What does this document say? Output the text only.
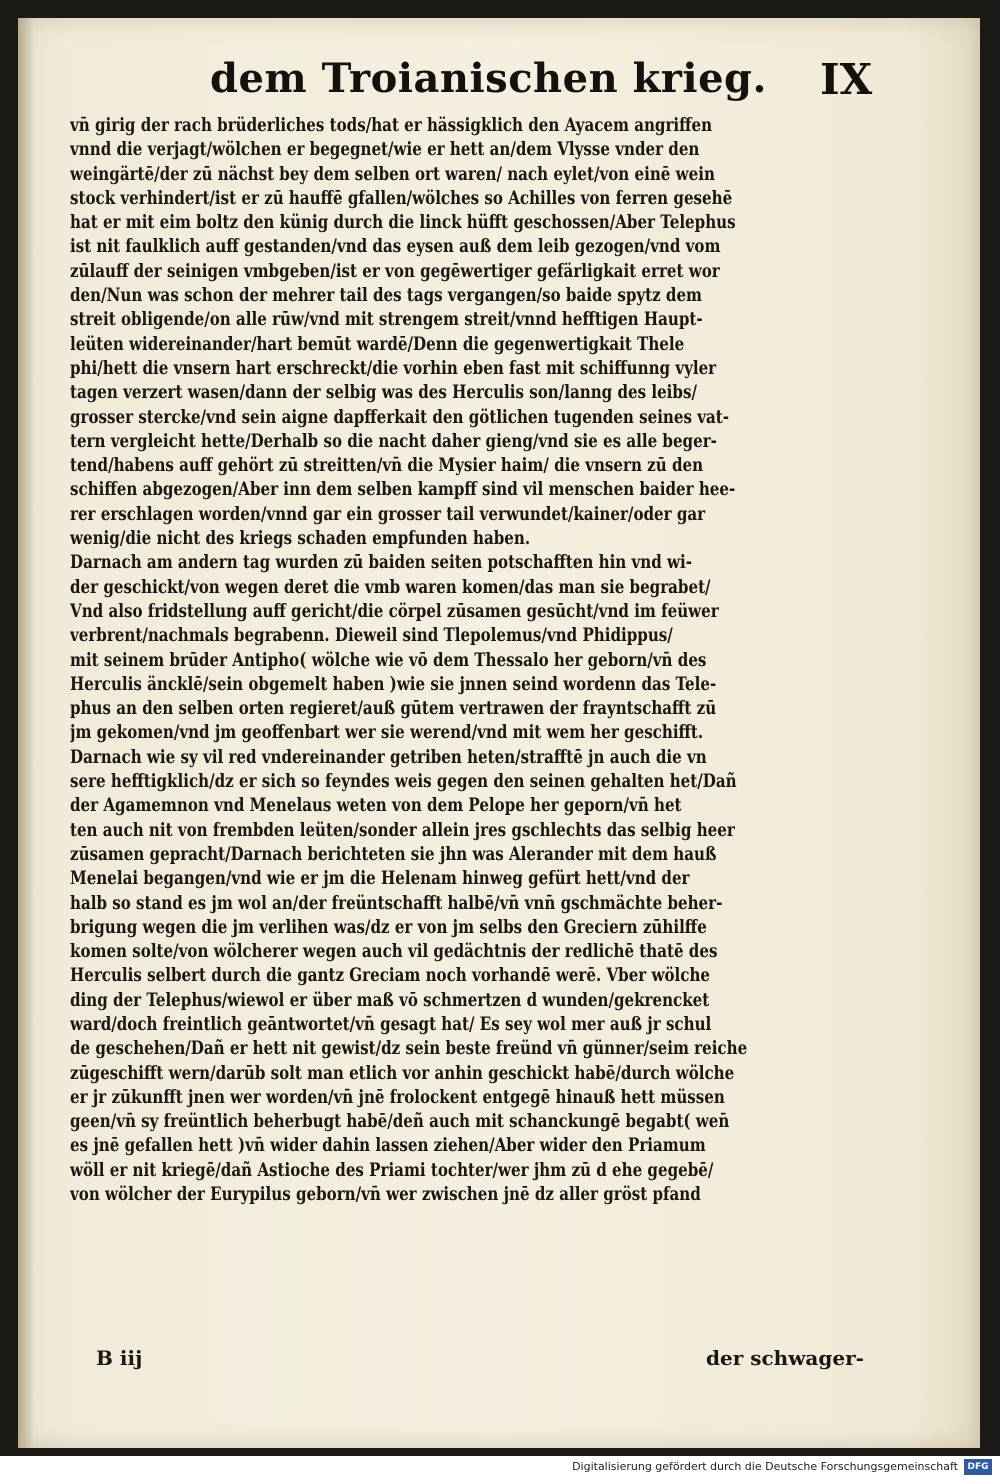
dem Troianischen krieg. IX
vn̄ girig der rach brüderliches tods/hat er hässigklich den Ayacem angriffen
vnnd die verjagt/wölchen er begegnet/wie er hett an/dem Vlysse vnder den
weingärtē/der zū nächst bey dem selben ort waren/ nach eylet/von einē wein
stock verhindert/ist er zū hauffē gfallen/wölches so Achilles von ferren gesehē
hat er mit eim boltz den künig durch die linck hüfft geschossen/Aber Telephus
ist nit faulklich auff gestanden/vnd das eysen auß dem leib gezogen/vnd vom
zūlauff der seinigen vmbgeben/ist er von gegēwertiger gefärligkait erret wor
den/Nun was schon der mehrer tail des tags vergangen/so baide spytz dem
streit obligende/on alle rūw/vnd mit strengem streit/vnnd hefftigen Haupt-
leüten widereinander/hart bemūt wardē/Denn die gegenwertigkait Thele
phi/hett die vnsern hart erschreckt/die vorhin eben fast mit schiffunng vyler
tagen verzert wasen/dann der selbig was des Herculis son/lanng des leibs/
grosser stercke/vnd sein aigne dapfferkait den götlichen tugenden seines vat-
tern vergleicht hette/Derhalb so die nacht daher gieng/vnd sie es alle beger-
tend/habens auff gehört zū streitten/vn̄ die Mysier haim/ die vnsern zū den
schiffen abgezogen/Aber inn dem selben kampff sind vil menschen baider hee-
rer erschlagen worden/vnnd gar ein grosser tail verwundet/kainer/oder gar
wenig/die nicht des kriegs schaden empfunden haben.
Darnach am andern tag wurden zū baiden seiten potschafften hin vnd wi-
der geschickt/von wegen deret die vmb waren komen/das man sie begrabet/
Vnd also fridstellung auff gericht/die cörpel zūsamen gesūcht/vnd im feüwer
verbrent/nachmals begrabenn. Dieweil sind Tlepolemus/vnd Phidippus/
mit seinem brūder Antipho( wölche wie vō dem Thessalo her geborn/vn̄ des
Herculis äncklē/sein obgemelt haben )wie sie jnnen seind wordenn das Tele-
phus an den selben orten regieret/auß gūtem vertrawen der frayntschafft zū
jm gekomen/vnd jm geoffenbart wer sie werend/vnd mit wem her geschifft.
Darnach wie sy vil red vndereinander getriben heten/strafftē jn auch die vn
sere hefftigklich/dz er sich so feyndes weis gegen den seinen gehalten het/Dañ
der Agamemnon vnd Menelaus weten von dem Pelope her geporn/vn̄ het
ten auch nit von frembden leüten/sonder allein jres gschlechts das selbig heer
zūsamen gepracht/Darnach berichteten sie jhn was Alerander mit dem hauß
Menelai begangen/vnd wie er jm die Helenam hinweg gefürt hett/vnd der
halb so stand es jm wol an/der freüntschafft halbē/vn̄ vnn̄ gschmächte beher-
brigung wegen die jm verlihen was/dz er von jm selbs den Greciern zūhilffe
komen solte/von wölcherer wegen auch vil gedächtnis der redlichē thatē des
Herculis selbert durch die gantz Greciam noch vorhandē werē. Vber wölche
ding der Telephus/wiewol er über maß vō schmertzen d wunden/gekrencket
ward/doch freintlich geāntwortet/vn̄ gesagt hat/ Es sey wol mer auß jr schul
de geschehen/Dañ er hett nit gewist/dz sein beste freünd vn̄ günner/seim reiche
zūgeschifft wern/darūb solt man etlich vor anhin geschickt habē/durch wölche
er jr zūkunfft jnen wer worden/vn̄ jnē frolockent entgegē hinauß hett müssen
geen/vn̄ sy freüntlich beherbugt habē/deñ auch mit schanckungē begabt( wen̄
es jnē gefallen hett )vn̄ wider dahin lassen ziehen/Aber wider den Priamum
wöll er nit kriegē/dañ Astioche des Priami tochter/wer jhm zū d ehe gegebē/
von wölcher der Eurypilus geborn/vn̄ wer zwischen jnē dz aller gröst pfand
B iij	der schwager-
Digitalisierung gefördert durch die Deutsche Forschungsgemeinschaft	DFG
